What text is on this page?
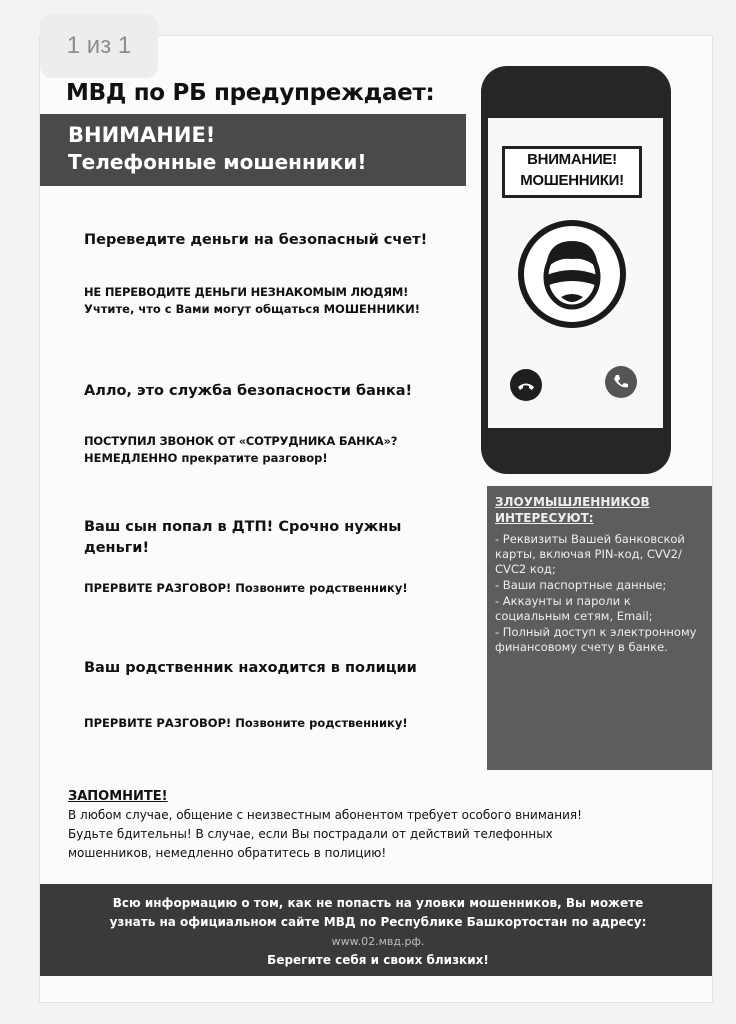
1 из 1
МВД по РБ предупреждает:
ВНИМАНИЕ!
Телефонные мошенники!	ВНИМАНИЕ!
МОШЕННИКИ!
Переведите деньги на безопасный счет!
НЕ ПЕРЕВОДИТЕ ДЕНЬГИ НЕЗНАКОМЫМ ЛЮДЯМ!
Учтите, что с Вами могут общаться МОШЕННИКИ!
Алло, это служба безопасности банка!
ПОСТУПИЛ ЗВОНОК ОТ «СОТРУДНИКА БАНКА»?
НЕМЕДЛЕННО прекратите разговор!
Ваш сын попал в ДТП! Срочно нужны
деньги!
ПРЕРВИТЕ РАЗГОВОР! Позвоните родственнику!
Ваш родственник находится в полиции
ПРЕРВИТЕ РАЗГОВОР! Позвоните родственнику!
ЗЛОУМЫШЛЕННИКОВ
ИНТЕРЕСУЮТ:
- Реквизиты Вашей банковской карты, включая PIN-код, CVV2/ CVC2 код;
- Ваши паспортные данные;
- Аккаунты и пароли к социальным сетям, Email;
- Полный доступ к электронному финансовому счету в банке.
ЗАПОМНИТЕ!
В любом случае, общение с неизвестным абонентом требует особого внимания!
Будьте бдительны! В случае, если Вы пострадали от действий телефонных
мошенников, немедленно обратитесь в полицию!
Всю информацию о том, как не попасть на уловки мошенников, Вы можете
узнать на официальном сайте МВД по Республике Башкортостан по адресу:
www.02.мвд.рф.
Берегите себя и своих близких!
